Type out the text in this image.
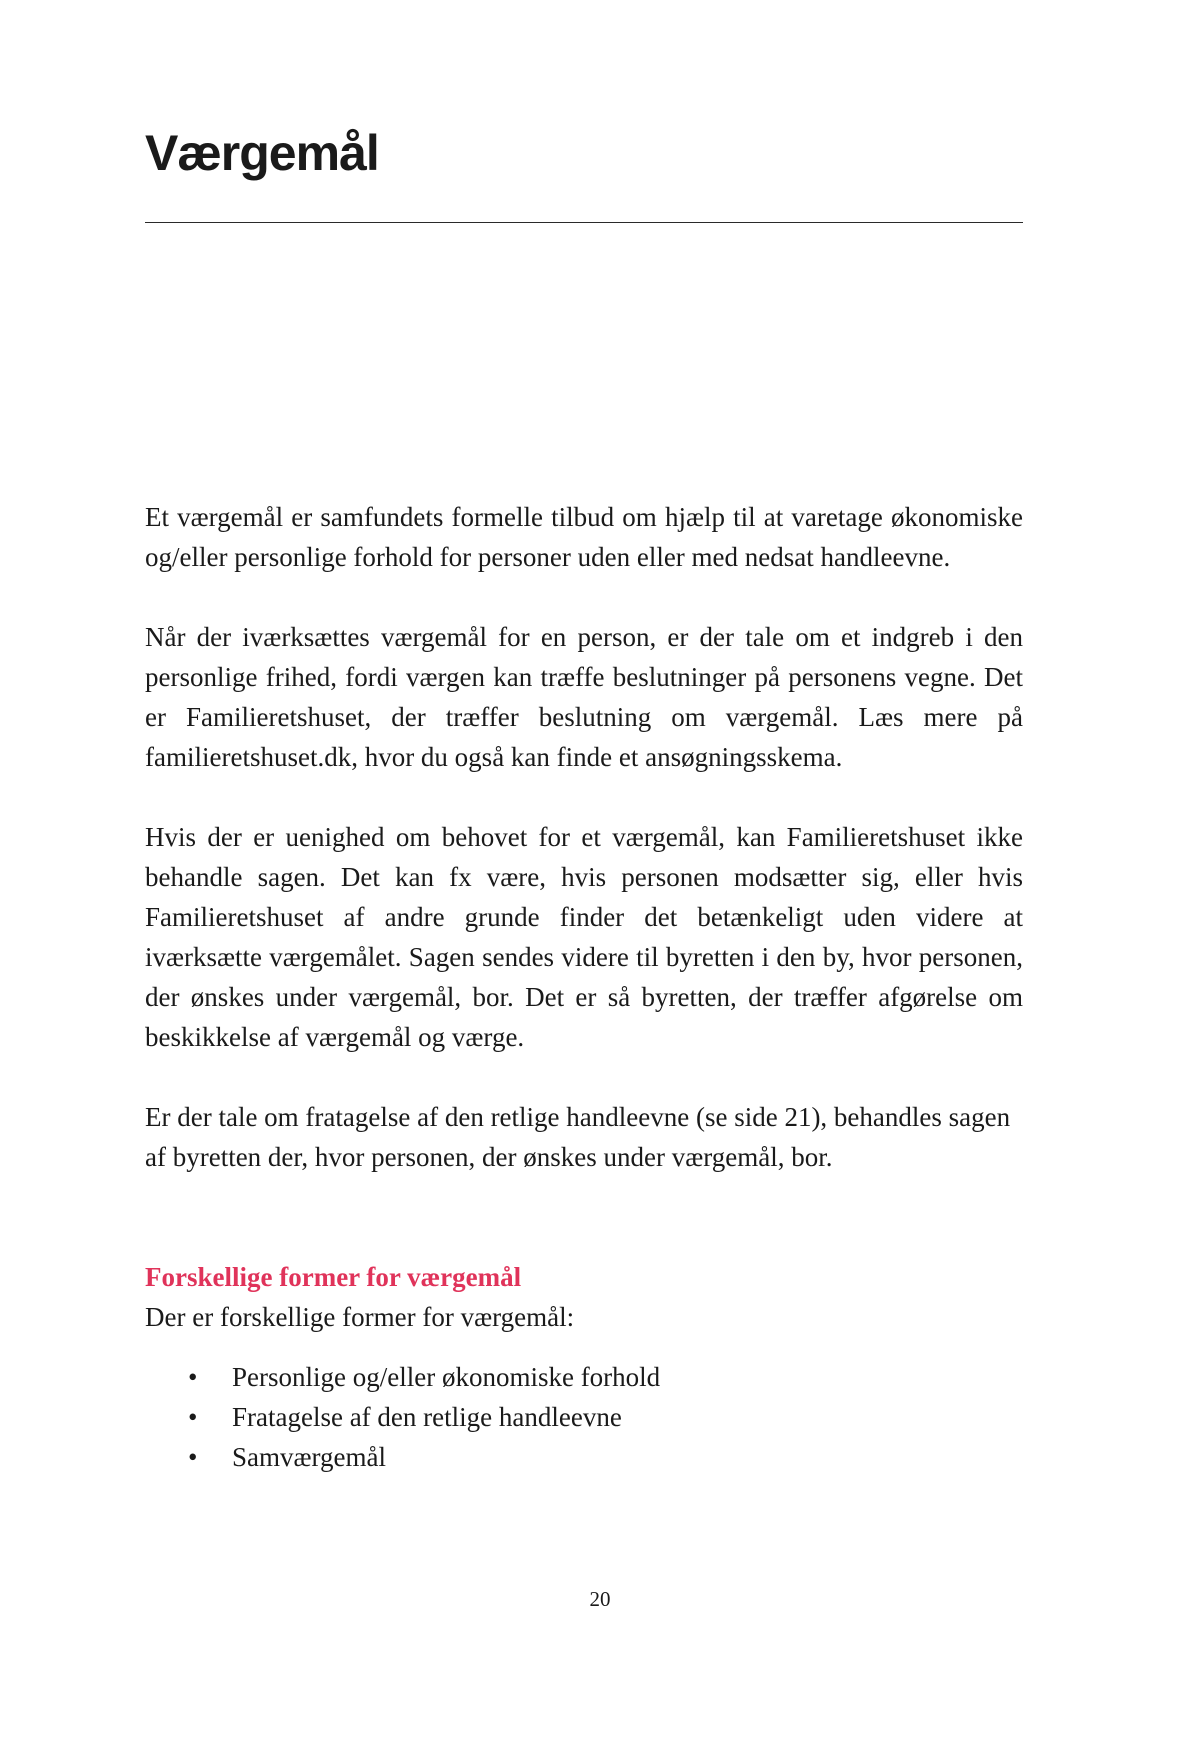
Værgemål

Et værgemål er samfundets formelle tilbud om hjælp til at varetage økonomiske og/eller personlige forhold for personer uden eller med nedsat handleevne.

Når der iværksættes værgemål for en person, er der tale om et indgreb i den personlige frihed, fordi værgen kan træffe beslutninger på personens vegne. Det er Familieretshuset, der træffer beslutning om værgemål. Læs mere på familieretshuset.dk, hvor du også kan finde et ansøgningsskema.

Hvis der er uenighed om behovet for et værgemål, kan Familieretshuset ikke behandle sagen. Det kan fx være, hvis personen modsætter sig, eller hvis Familieretshuset af andre grunde finder det betænkeligt uden videre at iværksætte værgemålet. Sagen sendes videre til byretten i den by, hvor personen, der ønskes under værgemål, bor. Det er så byretten, der træffer afgørelse om beskikkelse af værgemål og værge.

Er der tale om fratagelse af den retlige handleevne (se side 21), behandles sagen af byretten der, hvor personen, der ønskes under værgemål, bor.

Forskellige former for værgemål

Der er forskellige former for værgemål:

• Personlige og/eller økonomiske forhold
• Fratagelse af den retlige handleevne
• Samværgemål
20
